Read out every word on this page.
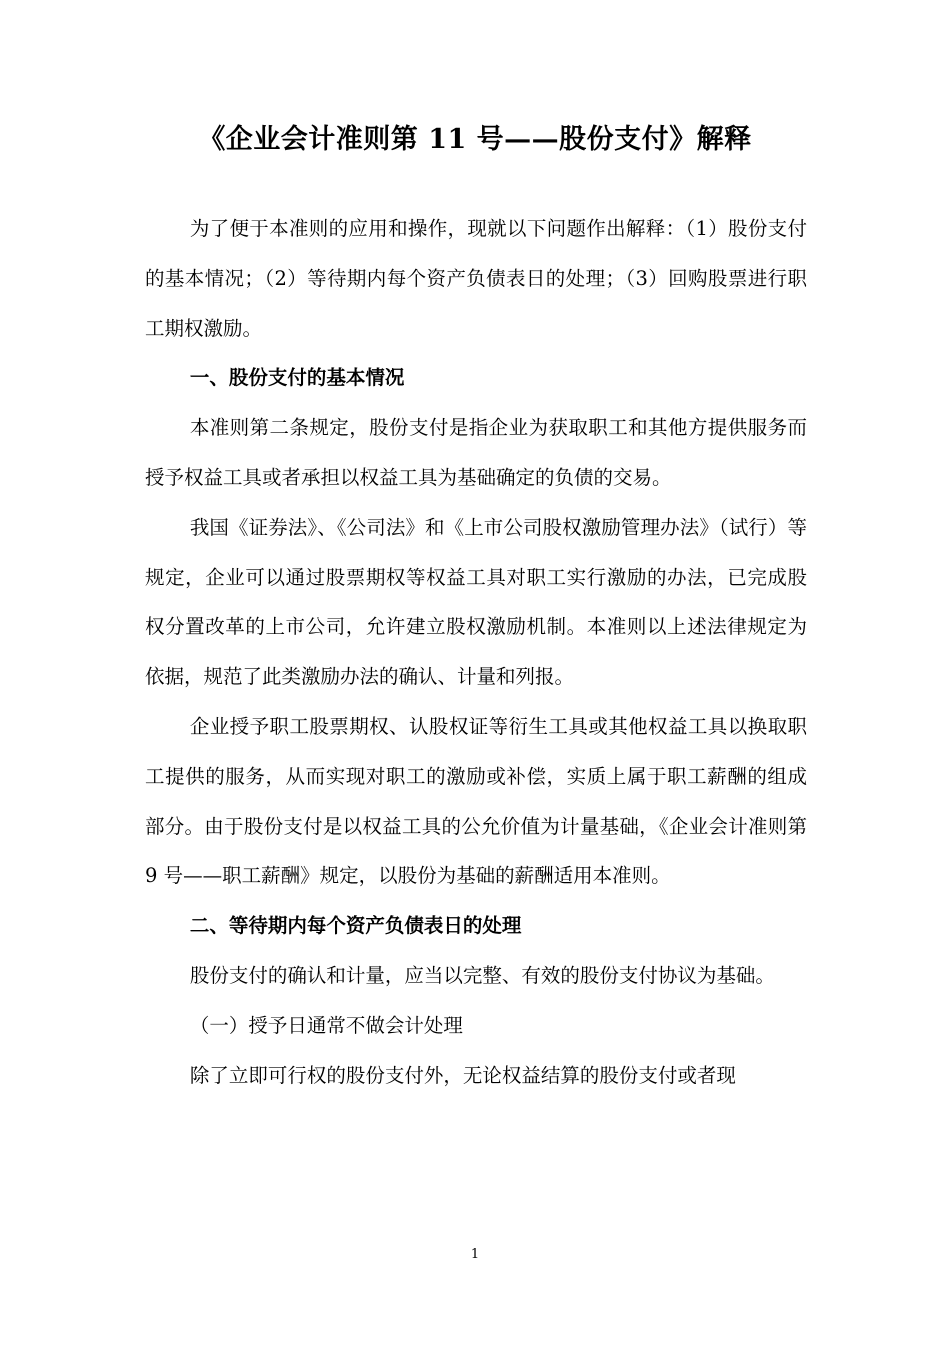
《企业会计准则第 11 号——股份支付》解释

为了便于本准则的应用和操作，现就以下问题作出解释：（1）股份支付的基本情况；（2）等待期内每个资产负债表日的处理；（3）回购股票进行职工期权激励。

一、股份支付的基本情况

本准则第二条规定，股份支付是指企业为获取职工和其他方提供服务而授予权益工具或者承担以权益工具为基础确定的负债的交易。

我国《证券法》、《公司法》和《上市公司股权激励管理办法》（试行）等规定，企业可以通过股票期权等权益工具对职工实行激励的办法，已完成股权分置改革的上市公司，允许建立股权激励机制。本准则以上述法律规定为依据，规范了此类激励办法的确认、计量和列报。

企业授予职工股票期权、认股权证等衍生工具或其他权益工具以换取职工提供的服务，从而实现对职工的激励或补偿，实质上属于职工薪酬的组成部分。由于股份支付是以权益工具的公允价值为计量基础，《企业会计准则第 9 号——职工薪酬》规定，以股份为基础的薪酬适用本准则。

二、等待期内每个资产负债表日的处理

股份支付的确认和计量，应当以完整、有效的股份支付协议为基础。

（一）授予日通常不做会计处理

除了立即可行权的股份支付外，无论权益结算的股份支付或者现

1
